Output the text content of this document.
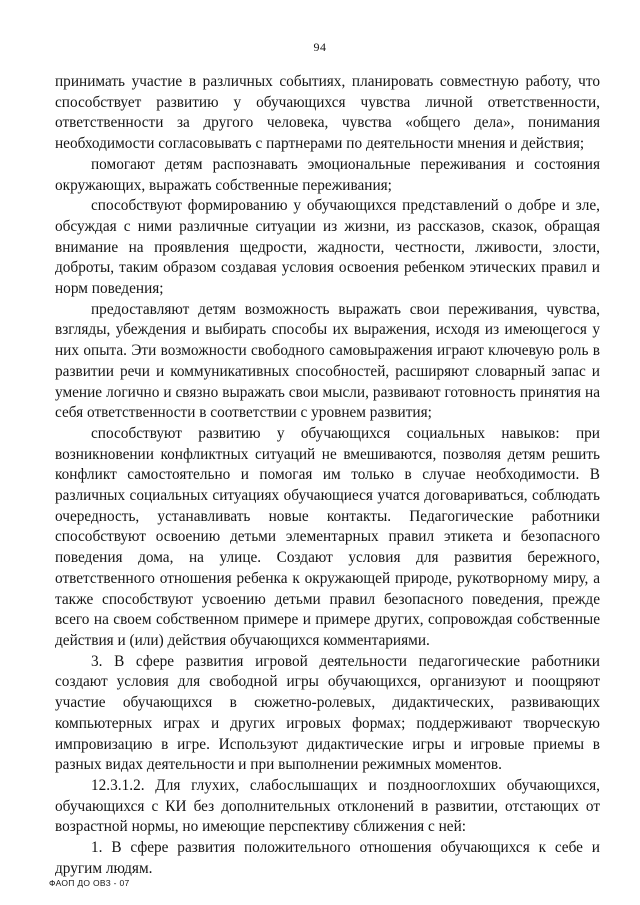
94

принимать участие в различных событиях, планировать совместную работу, что способствует развитию у обучающихся чувства личной ответственности, ответственности за другого человека, чувства «общего дела», понимания необходимости согласовывать с партнерами по деятельности мнения и действия;

помогают детям распознавать эмоциональные переживания и состояния окружающих, выражать собственные переживания;

способствуют формированию у обучающихся представлений о добре и зле, обсуждая с ними различные ситуации из жизни, из рассказов, сказок, обращая внимание на проявления щедрости, жадности, честности, лживости, злости, доброты, таким образом создавая условия освоения ребенком этических правил и норм поведения;

предоставляют детям возможность выражать свои переживания, чувства, взгляды, убеждения и выбирать способы их выражения, исходя из имеющегося у них опыта. Эти возможности свободного самовыражения играют ключевую роль в развитии речи и коммуникативных способностей, расширяют словарный запас и умение логично и связно выражать свои мысли, развивают готовность принятия на себя ответственности в соответствии с уровнем развития;

способствуют развитию у обучающихся социальных навыков: при возникновении конфликтных ситуаций не вмешиваются, позволяя детям решить конфликт самостоятельно и помогая им только в случае необходимости. В различных социальных ситуациях обучающиеся учатся договариваться, соблюдать очередность, устанавливать новые контакты. Педагогические работники способствуют освоению детьми элементарных правил этикета и безопасного поведения дома, на улице. Создают условия для развития бережного, ответственного отношения ребенка к окружающей природе, рукотворному миру, а также способствуют усвоению детьми правил безопасного поведения, прежде всего на своем собственном примере и примере других, сопровождая собственные действия и (или) действия обучающихся комментариями.

3. В сфере развития игровой деятельности педагогические работники создают условия для свободной игры обучающихся, организуют и поощряют участие обучающихся в сюжетно-ролевых, дидактических, развивающих компьютерных играх и других игровых формах; поддерживают творческую импровизацию в игре. Используют дидактические игры и игровые приемы в разных видах деятельности и при выполнении режимных моментов.

12.3.1.2. Для глухих, слабослышащих и позднооглохших обучающихся, обучающихся с КИ без дополнительных отклонений в развитии, отстающих от возрастной нормы, но имеющие перспективу сближения с ней:

1. В сфере развития положительного отношения обучающихся к себе и другим людям.

ФАОП ДО ОВЗ - 07
